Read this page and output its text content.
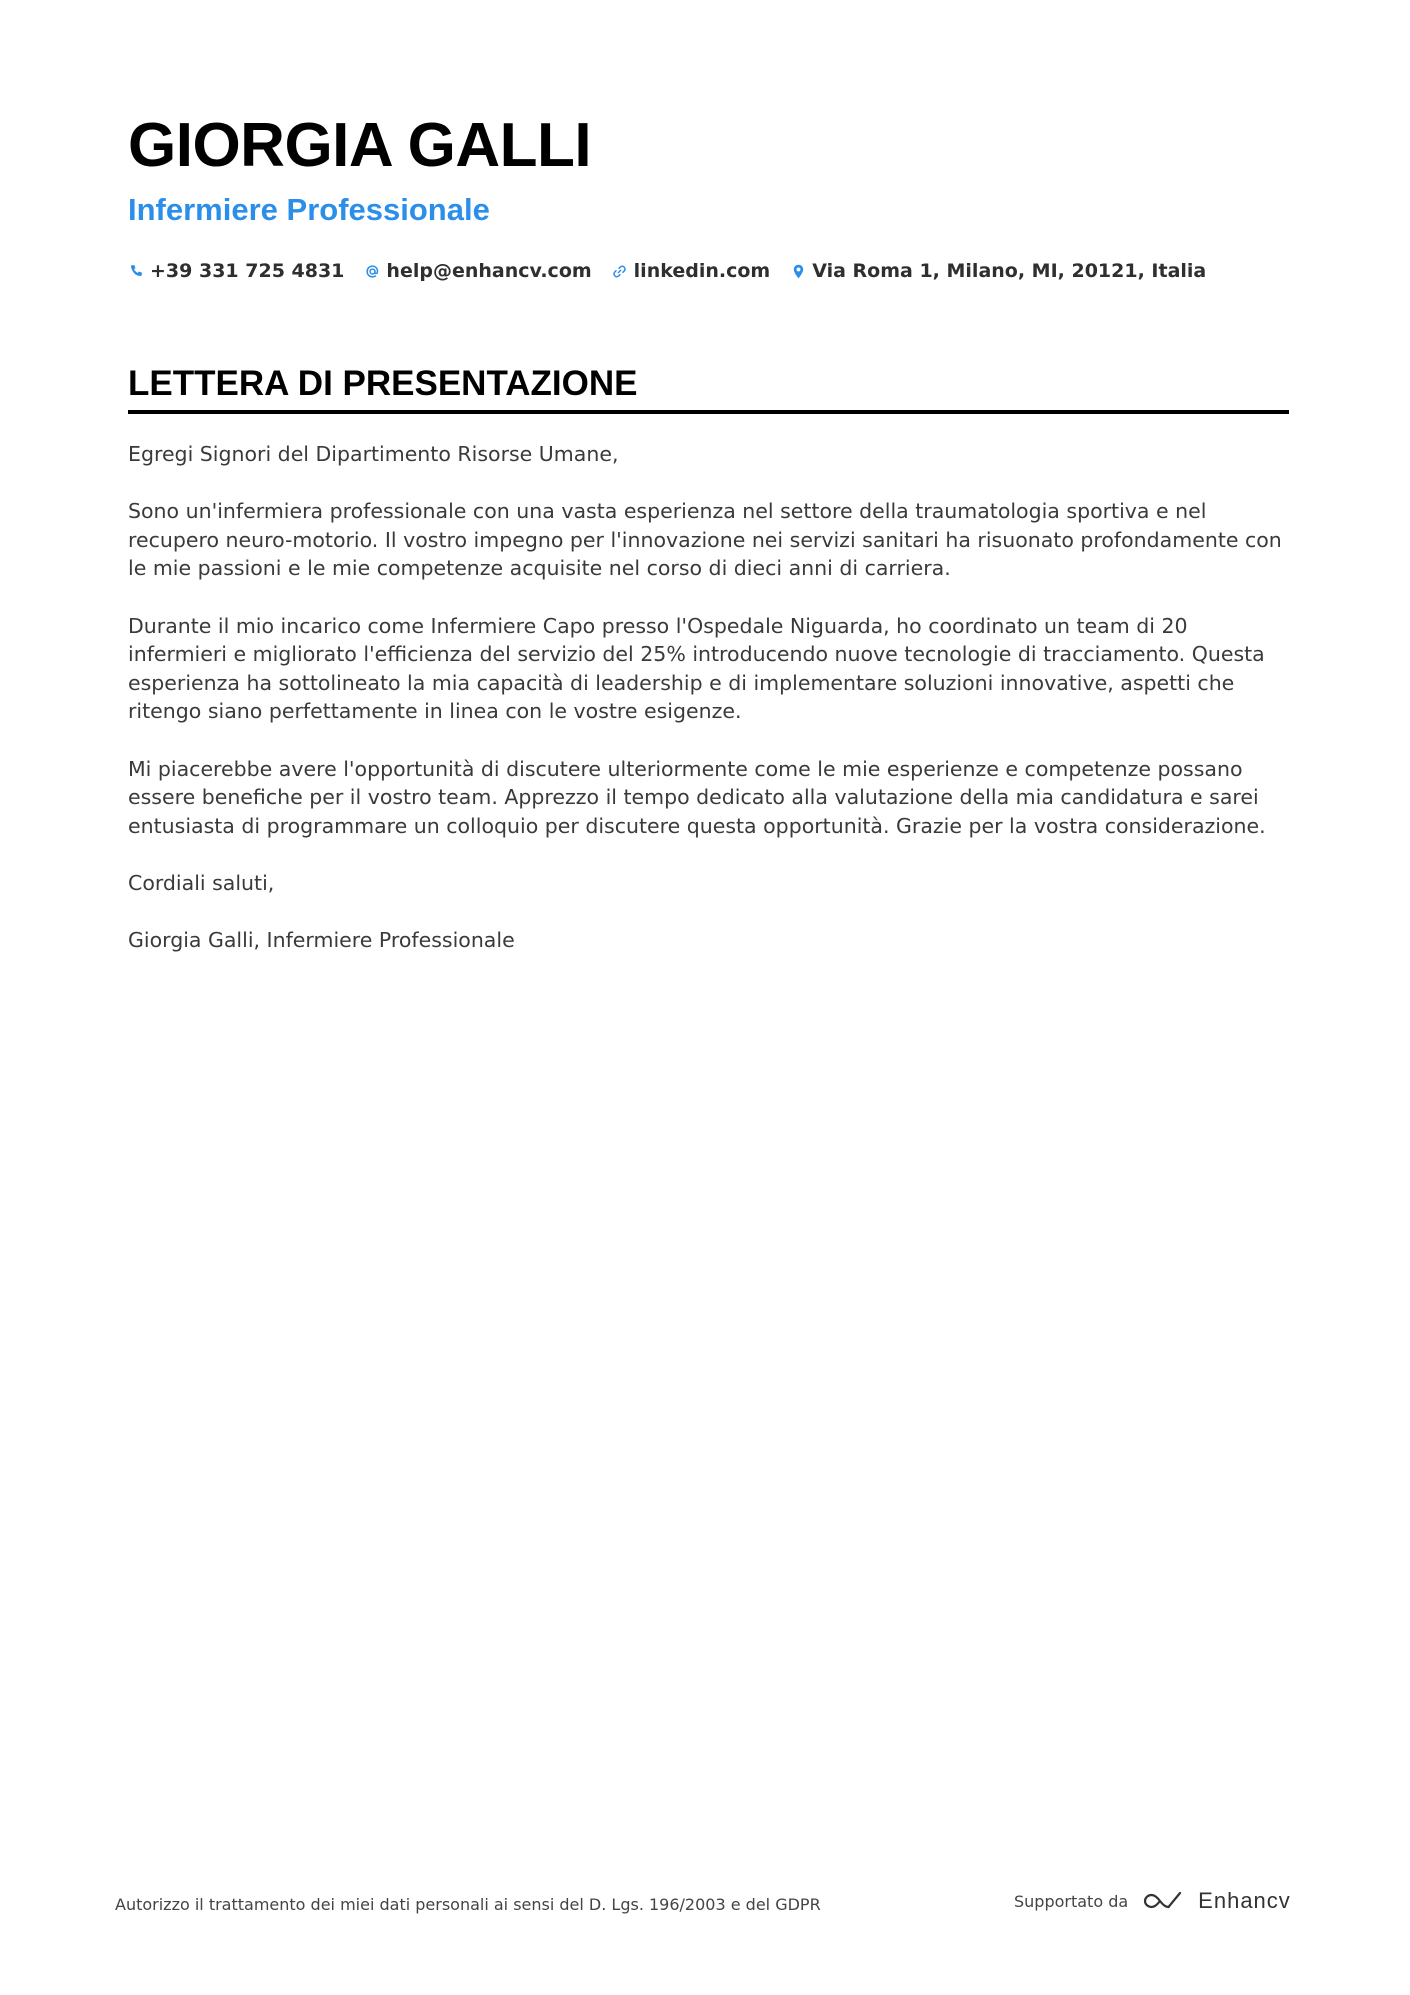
GIORGIA GALLI
Infermiere Professionale
+39 331 725 4831 help@enhancv.com linkedin.com Via Roma 1, Milano, MI, 20121, Italia
LETTERA DI PRESENTAZIONE

Egregi Signori del Dipartimento Risorse Umane,

Sono un'infermiera professionale con una vasta esperienza nel settore della traumatologia sportiva e nel recupero neuro-motorio. Il vostro impegno per l'innovazione nei servizi sanitari ha risuonato profondamente con le mie passioni e le mie competenze acquisite nel corso di dieci anni di carriera.

Durante il mio incarico come Infermiere Capo presso l'Ospedale Niguarda, ho coordinato un team di 20 infermieri e migliorato l'efficienza del servizio del 25% introducendo nuove tecnologie di tracciamento. Questa esperienza ha sottolineato la mia capacità di leadership e di implementare soluzioni innovative, aspetti che ritengo siano perfettamente in linea con le vostre esigenze.

Mi piacerebbe avere l'opportunità di discutere ulteriormente come le mie esperienze e competenze possano essere benefiche per il vostro team. Apprezzo il tempo dedicato alla valutazione della mia candidatura e sarei entusiasta di programmare un colloquio per discutere questa opportunità. Grazie per la vostra considerazione.

Cordiali saluti,

Giorgia Galli, Infermiere Professionale

Autorizzo il trattamento dei miei dati personali ai sensi del D. Lgs. 196/2003 e del GDPR	Supportato da	Enhancv
